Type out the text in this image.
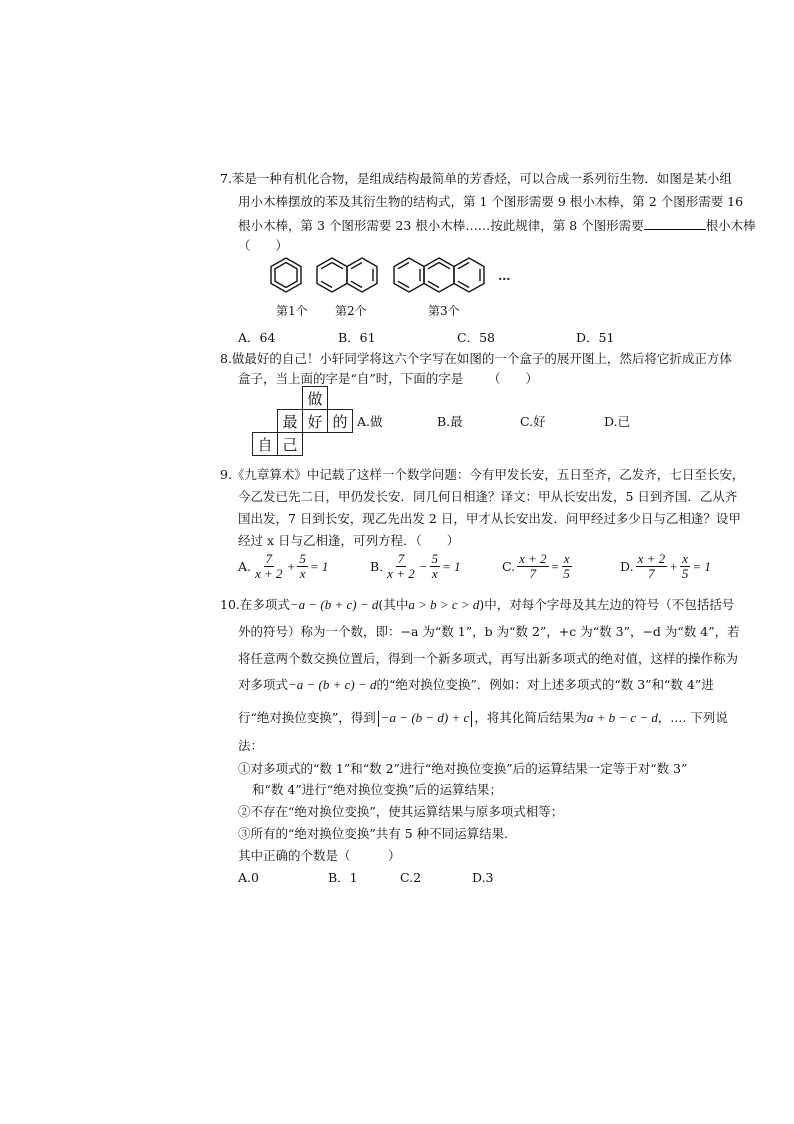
7.苯是一种有机化合物，是组成结构最简单的芳香烃，可以合成一系列衍生物．如图是某小组
用小木棒摆放的苯及其衍生物的结构式，第 1 个图形需要 9 根小木棒，第 2 个图形需要 16
根小木棒，第 3 个图形需要 23 根小木棒……按此规律，第 8 个图形需要	根小木棒
（　　）
…
第1个 第2个	第3个
A．64	B．61	C．58	D．51
8.做最好的自己！小轩同学将这六个字写在如图的一个盒子的展开图上，然后将它折成正方体
盒子，当上面的字是“自”时，下面的字是 （　　）
做
最 好 的
自 己
A.做	B.最	C.好	D.已
9.《九章算术》中记载了这样一个数学问题：今有甲发长安，五日至齐，乙发齐，七日至长安，
今乙发已先二日，甲仍发长安．同几何日相逢？译文：甲从长安出发，5 日到齐国．乙从齐
国出发，7 日到长安，现乙先出发 2 日，甲才从长安出发．问甲经过多少日与乙相逢？设甲
经过 x 日与乙相逢，可列方程．（　　）
A.
7
$x + 2 + \frac{5}{x} = 1$	B.
7
$x + 2 - \frac{5}{x} = 1$	C. $\frac{x + 2}{7} = \frac{x}{5}$	D.
x + 2
$7 + \frac{x}{5} = 1$
10.在多项式−a − (b + c) − d(其中a > b > c > d)中，对每个字母及其左边的符号（不包括括号
外的符号）称为一个数，即：−a 为“数 1”，b 为“数 2”，+c 为“数 3”，−d 为“数 4”，若
将任意两个数交换位置后，得到一个新多项式，再写出新多项式的绝对值，这样的操作称为
对多项式−a − (b + c) − d的“绝对换位变换”．例如：对上述多项式的“数 3”和“数 4”进
行“绝对换位变换”，得到 −a − (b − d) + c ，将其化简后结果为a + b − c − d，.... 下列说
法：
①对多项式的“数 1”和“数 2”进行“绝对换位变换”后的运算结果一定等于对“数 3”
和“数 4”进行“绝对换位变换”后的运算结果；
②不存在“绝对换位变换”，使其运算结果与原多项式相等；
③所有的“绝对换位变换”共有 5 种不同运算结果．
其中正确的个数是（　　　）
A.0	B．1	C.2	D.3
